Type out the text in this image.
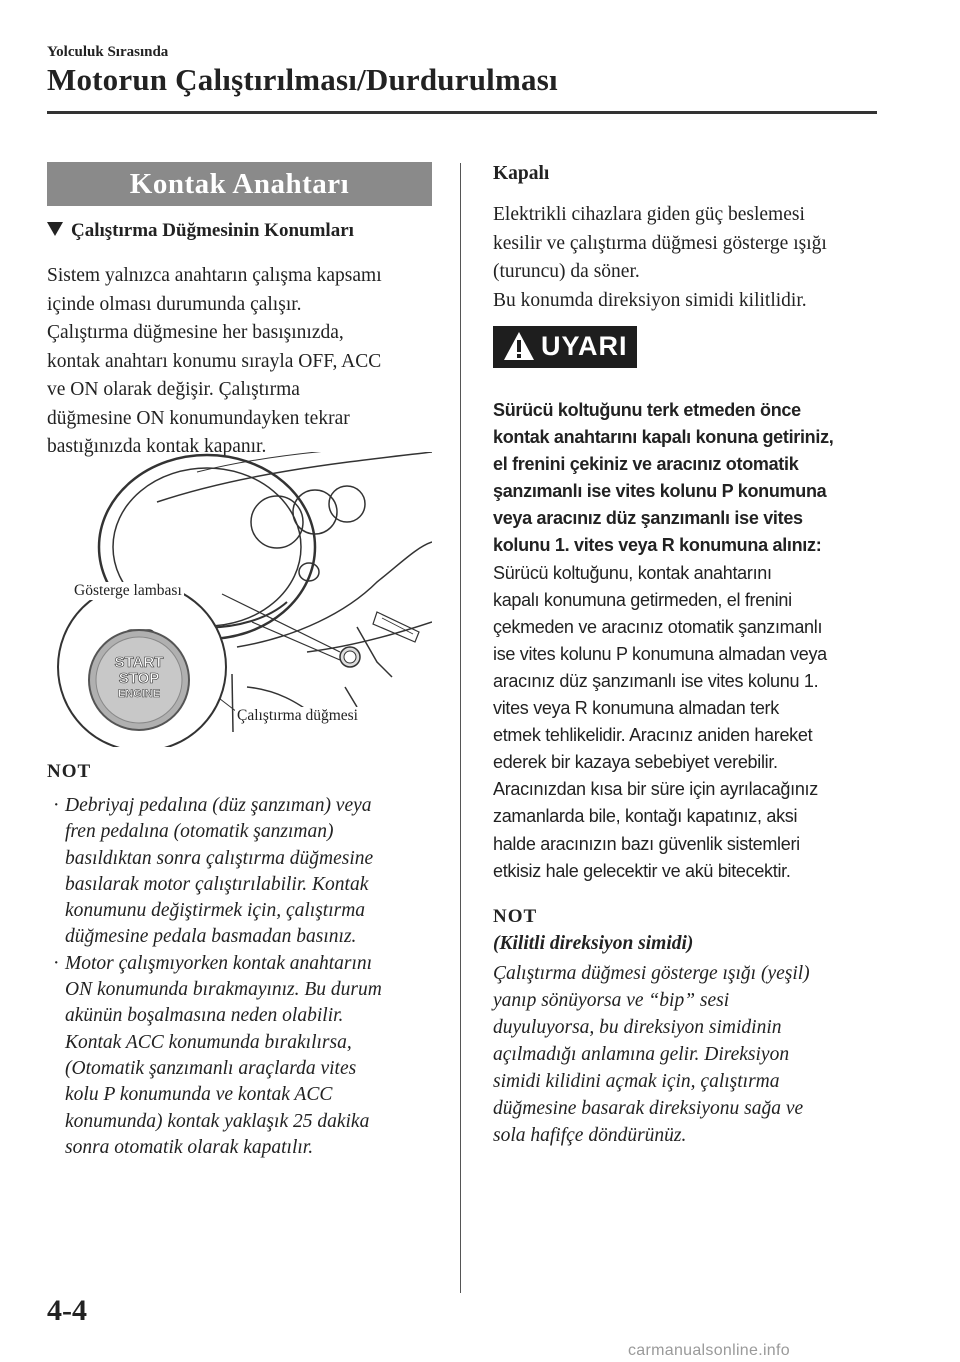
Yolculuk Sırasında
Motorun Çalıştırılması/Durdurulması
Kontak Anahtarı
Çalıştırma Düğmesinin Konumları
Sistem yalnızca anahtarın çalışma kapsamı
içinde olması durumunda çalışır.
Çalıştırma düğmesine her basışınızda,
kontak anahtarı konumu sırayla OFF, ACC
ve ON olarak değişir. Çalıştırma
düğmesine ON konumundayken tekrar
bastığınızda kontak kapanır.
START
STOP
ENGINE
Gösterge lambası
Çalıştırma düğmesi
NOT
· Debriyaj pedalına (düz şanzıman) veya
fren pedalına (otomatik şanzıman)
basıldıktan sonra çalıştırma düğmesine
basılarak motor çalıştırılabilir. Kontak
konumunu değiştirmek için, çalıştırma
düğmesine pedala basmadan basınız.
· Motor çalışmıyorken kontak anahtarını
ON konumunda bırakmayınız. Bu durum
akünün boşalmasına neden olabilir.
Kontak ACC konumunda bırakılırsa,
(Otomatik şanzımanlı araçlarda vites
kolu P konumunda ve kontak ACC
konumunda) kontak yaklaşık 25 dakika
sonra otomatik olarak kapatılır.
Kapalı
Elektrikli cihazlara giden güç beslemesi
kesilir ve çalıştırma düğmesi gösterge ışığı
(turuncu) da söner.
Bu konumda direksiyon simidi kilitlidir.
UYARI
Sürücü koltuğunu terk etmeden önce
kontak anahtarını kapalı konuna getiriniz,
el frenini çekiniz ve aracınız otomatik
şanzımanlı ise vites kolunu P konumuna
veya aracınız düz şanzımanlı ise vites
kolunu 1. vites veya R konumuna alınız:
Sürücü koltuğunu, kontak anahtarını
kapalı konumuna getirmeden, el frenini
çekmeden ve aracınız otomatik şanzımanlı
ise vites kolunu P konumuna almadan veya
aracınız düz şanzımanlı ise vites kolunu 1.
vites veya R konumuna almadan terk
etmek tehlikelidir. Aracınız aniden hareket
ederek bir kazaya sebebiyet verebilir.
Aracınızdan kısa bir süre için ayrılacağınız
zamanlarda bile, kontağı kapatınız, aksi
halde aracınızın bazı güvenlik sistemleri
etkisiz hale gelecektir ve akü bitecektir.
NOT
(Kilitli direksiyon simidi)
Çalıştırma düğmesi gösterge ışığı (yeşil)
yanıp sönüyorsa ve “bip” sesi
duyuluyorsa, bu direksiyon simidinin
açılmadığı anlamına gelir. Direksiyon
simidi kilidini açmak için, çalıştırma
düğmesine basarak direksiyonu sağa ve
sola hafifçe döndürünüz.
4-4
carmanualsonline.info
